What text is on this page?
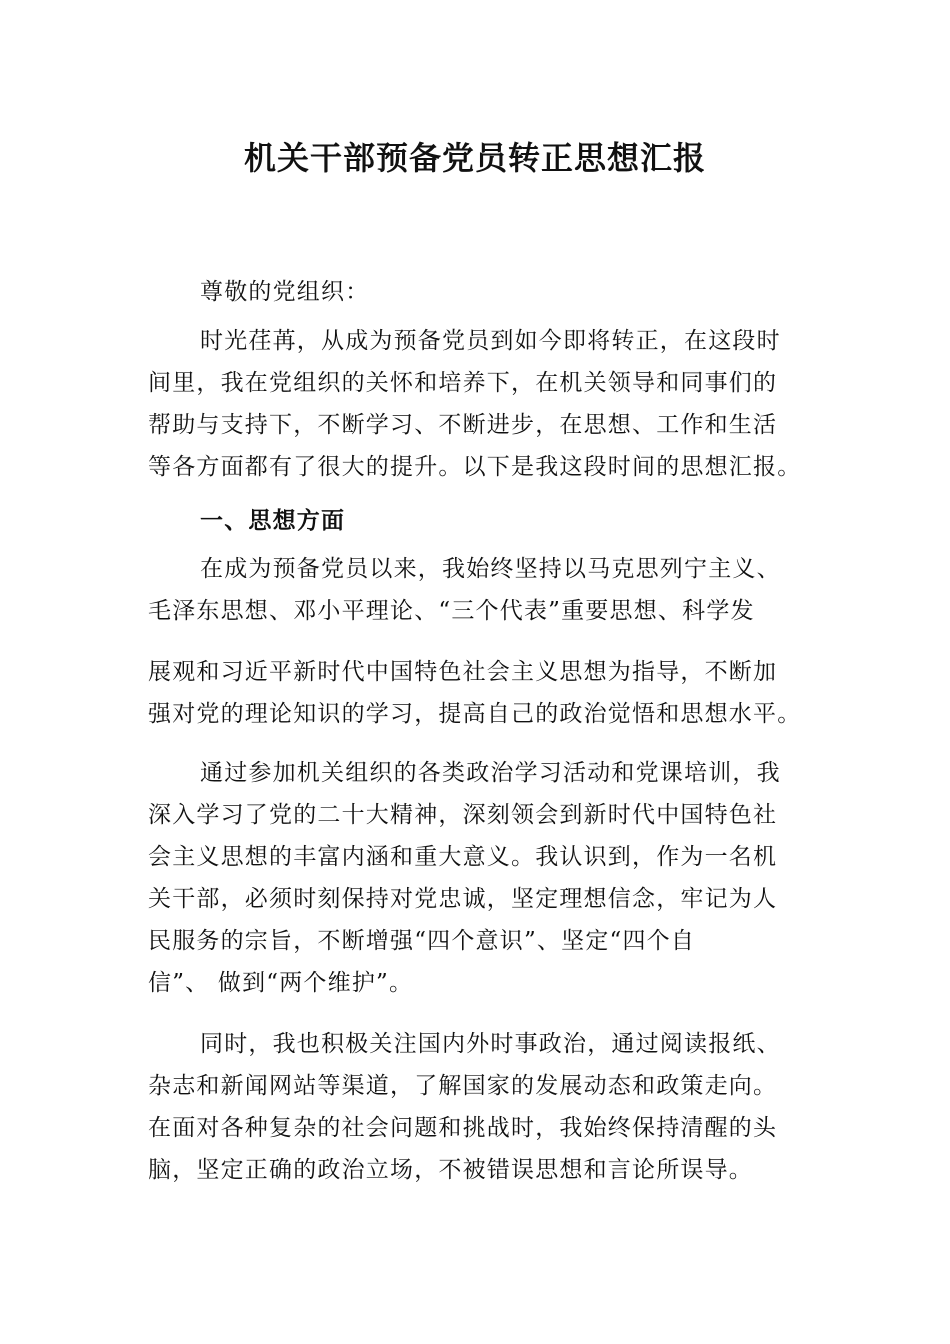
机关干部预备党员转正思想汇报
尊敬的党组织：
时光荏苒，从成为预备党员到如今即将转正，在这段时
间里，我在党组织的关怀和培养下，在机关领导和同事们的
帮助与支持下，不断学习、不断进步，在思想、工作和生活
等各方面都有了很大的提升。以下是我这段时间的思想汇报。
一、思想方面
在成为预备党员以来，我始终坚持以马克思列宁主义、
毛泽东思想、邓小平理论、“三个代表”重要思想、科学发
展观和习近平新时代中国特色社会主义思想为指导，不断加
强对党的理论知识的学习，提高自己的政治觉悟和思想水平。
通过参加机关组织的各类政治学习活动和党课培训，我
深入学习了党的二十大精神，深刻领会到新时代中国特色社
会主义思想的丰富内涵和重大意义。我认识到，作为一名机
关干部，必须时刻保持对党忠诚，坚定理想信念，牢记为人
民服务的宗旨，不断增强“四个意识”、坚定“四个自
信”、 做到“两个维护”。
同时，我也积极关注国内外时事政治，通过阅读报纸、
杂志和新闻网站等渠道，了解国家的发展动态和政策走向。
在面对各种复杂的社会问题和挑战时，我始终保持清醒的头
脑，坚定正确的政治立场，不被错误思想和言论所误导。
